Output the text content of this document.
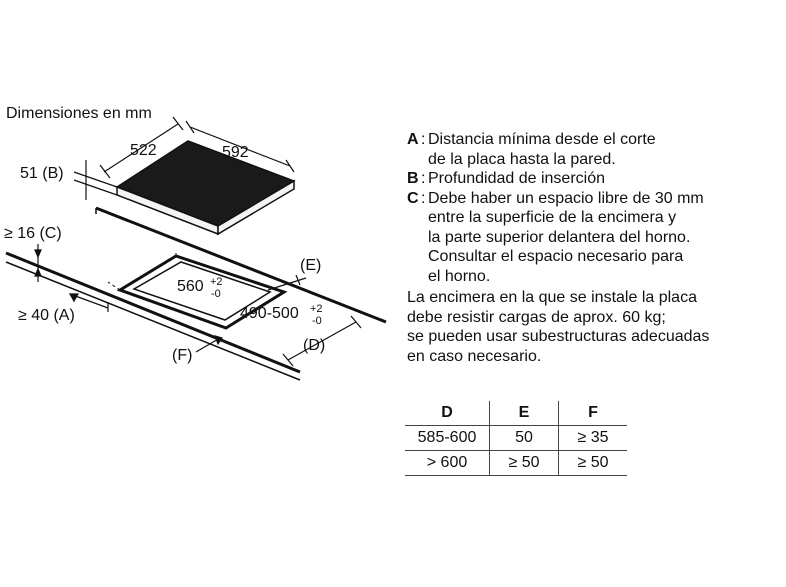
Dimensiones en mm
522	592
51 (B)
560 +2
-0
490-500 +2
-0
(E)
≥ 16 (C)
≥ 40 (A)
(F)
(D)
A : Distancia mínima desde el corte
de la placa hasta la pared.
B : Profundidad de inserción
C : Debe haber un espacio libre de 30 mm
entre la superficie de la encimera y
la parte superior delantera del horno.
Consultar el espacio necesario para
el horno.
La encimera en la que se instale la placa
debe resistir cargas de aprox. 60 kg;
se pueden usar subestructuras adecuadas
en caso necesario.
D	E	F
585-600	50	≥ 35
> 600	≥ 50	≥ 50
